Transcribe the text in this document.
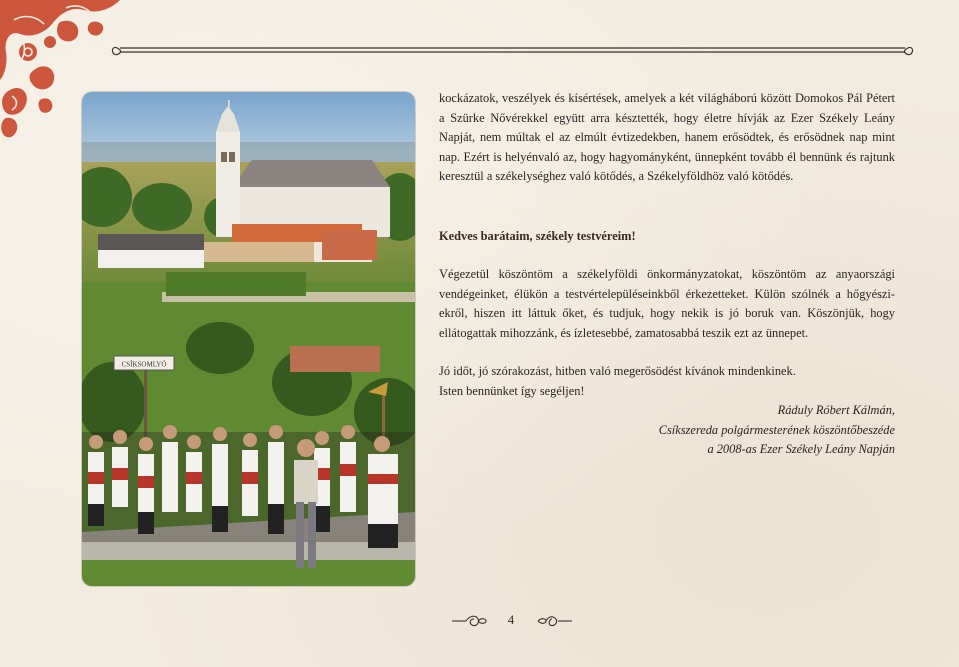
CSÍKSOMLYÓ

kockázatok, veszélyek és kísértések, amelyek a két világháború között Domokos Pál Pétert a Szürke Nővérekkel együtt arra késztették, hogy életre hívják az Ezer Székely Leány Napját, nem múltak el az elmúlt évtizedekben, hanem erősödtek, és erősödnek nap mint nap. Ezért is helyénvaló az, hogy hagyományként, ünnepként tovább él bennünk és rajtunk keresztül a székelységhez való kötődés, a Székelyföldhöz való kötődés.

Kedves barátaim, székely testvéreim!

Végezetül köszöntöm a székelyföldi önkormányzatokat, köszöntöm az anyaországi vendégeinket, élükön a testvértelepüléseinkből érkezetteket. Külön szólnék a hőgyésziekről, hiszen itt láttuk őket, és tudjuk, hogy nekik is jó boruk van. Köszönjük, hogy ellátogattak mihozzánk, és ízletesebbé, zamatosabbá teszik ezt az ünnepet.

Jó időt, jó szórakozást, hitben való megerősödést kívánok mindenkinek.

Isten bennünket így segéljen!

Ráduly Róbert Kálmán,

Csíkszereda polgármesterének köszöntőbeszéde

a 2008-as Ezer Székely Leány Napján

4
